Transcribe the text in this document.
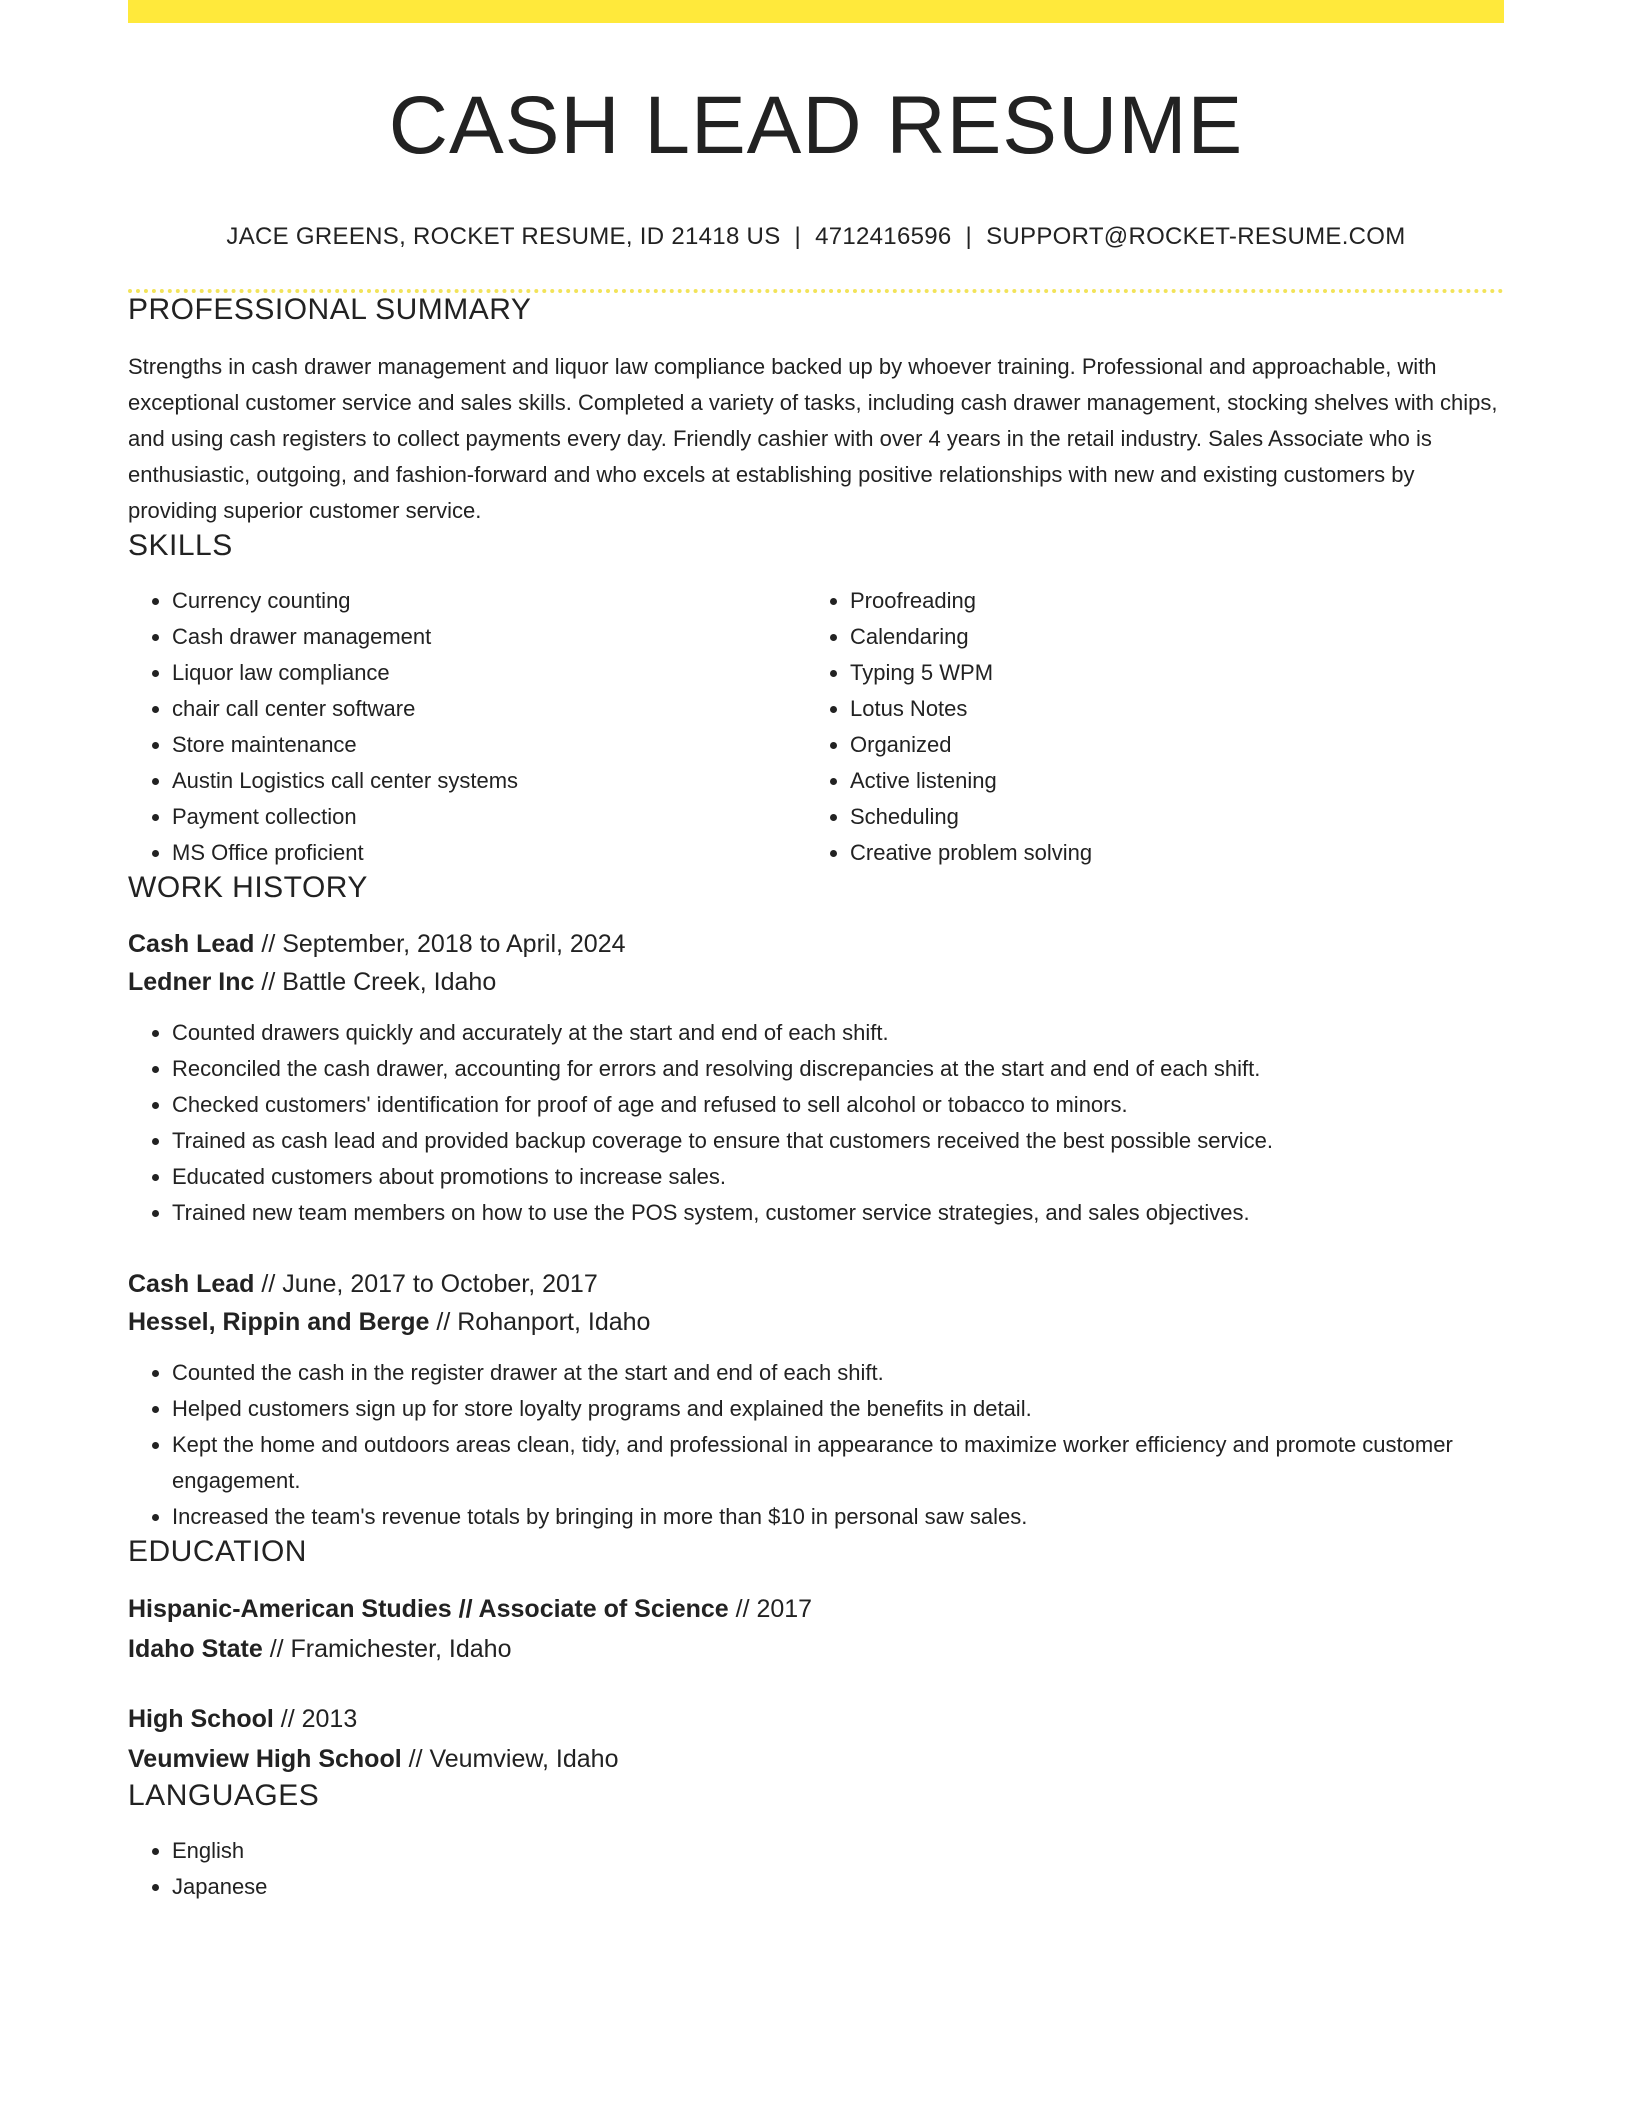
CASH LEAD RESUME
JACE GREENS, ROCKET RESUME, ID 21418 US | 4712416596 | SUPPORT@ROCKET-RESUME.COM
PROFESSIONAL SUMMARY

Strengths in cash drawer management and liquor law compliance backed up by whoever training. Professional and approachable, with exceptional customer service and sales skills. Completed a variety of tasks, including cash drawer management, stocking shelves with chips, and using cash registers to collect payments every day. Friendly cashier with over 4 years in the retail industry. Sales Associate who is enthusiastic, outgoing, and fashion-forward and who excels at establishing positive relationships with new and existing customers by providing superior customer service.

SKILLS
• Currency counting
• Cash drawer management
• Liquor law compliance
• chair call center software
• Store maintenance
• Austin Logistics call center systems
• Payment collection
• MS Office proficient
• Proofreading
• Calendaring
• Typing 5 WPM
• Lotus Notes
• Organized
• Active listening
• Scheduling
• Creative problem solving
WORK HISTORY
Cash Lead // September, 2018 to April, 2024
Ledner Inc // Battle Creek, Idaho
• Counted drawers quickly and accurately at the start and end of each shift.
• Reconciled the cash drawer, accounting for errors and resolving discrepancies at the start and end of each shift.
• Checked customers' identification for proof of age and refused to sell alcohol or tobacco to minors.
• Trained as cash lead and provided backup coverage to ensure that customers received the best possible service.
• Educated customers about promotions to increase sales.
• Trained new team members on how to use the POS system, customer service strategies, and sales objectives.
Cash Lead // June, 2017 to October, 2017
Hessel, Rippin and Berge // Rohanport, Idaho
• Counted the cash in the register drawer at the start and end of each shift.
• Helped customers sign up for store loyalty programs and explained the benefits in detail.
• Kept the home and outdoors areas clean, tidy, and professional in appearance to maximize worker efficiency and promote customer engagement.
• Increased the team's revenue totals by bringing in more than $10 in personal saw sales.
EDUCATION
Hispanic-American Studies // Associate of Science // 2017
Idaho State // Framichester, Idaho
High School // 2013
Veumview High School // Veumview, Idaho
LANGUAGES
• English
• Japanese
